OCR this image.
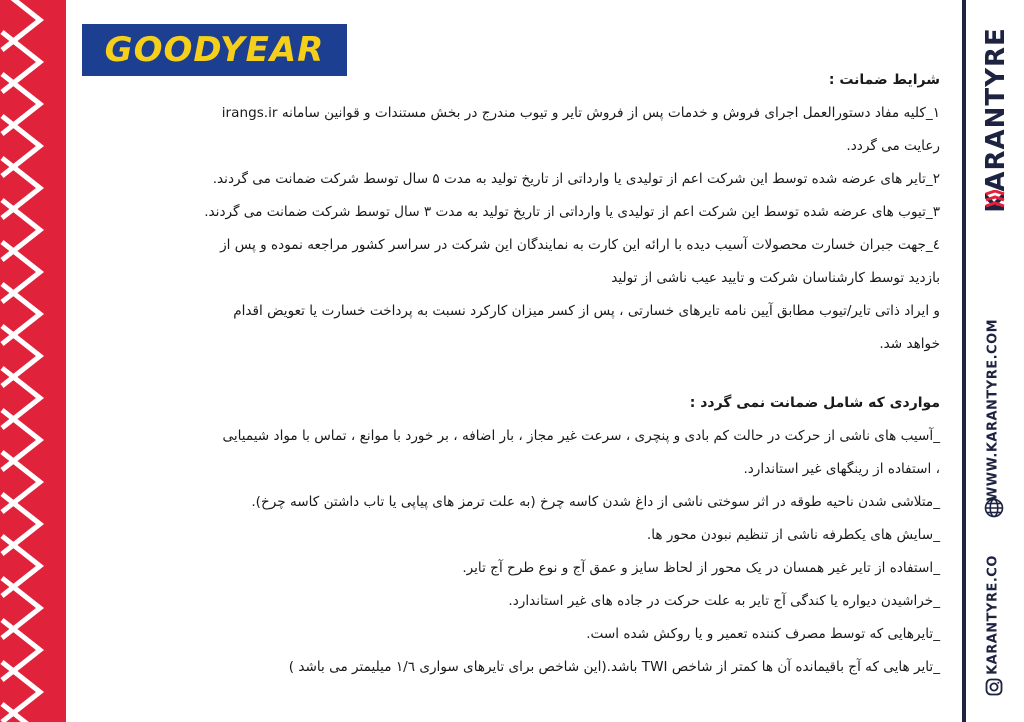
GOODYEAR	KARANTYRE
WWW.KARANTYRE.COM
KARANTYRE.CO

شرایط ضمانت :

۱_کلیه مفاد دستورالعمل اجرای فروش و خدمات پس از فروش تایر و تیوب مندرج در بخش مستندات و قوانین سامانه irangs.ir

رعایت می گردد.

۲_تایر های عرضه شده توسط این شرکت اعم از تولیدی یا وارداتی از تاریخ تولید به مدت ۵ سال توسط شرکت ضمانت می گردند.

۳_تیوب های عرضه شده توسط این شرکت اعم از تولیدی یا وارداتی از تاریخ تولید به مدت ۳ سال توسط شرکت ضمانت می گردند.

٤_جهت جبران خسارت محصولات آسیب دیده با ارائه این کارت به نمایندگان این شرکت در سراسر کشور مراجعه نموده و پس از

بازدید توسط کارشناسان شرکت و تایید عیب ناشی از تولید

و ایراد ذاتی تایر/تیوب مطابق آیین نامه تایرهای خسارتی ، پس از کسر میزان کارکرد نسبت به پرداخت خسارت یا تعویض اقدام

خواهد شد.

مواردی که شامل ضمانت نمی گردد :

_آسیب های ناشی از حرکت در حالت کم بادی و پنچری ، سرعت غیر مجاز ، بار اضافه ، بر خورد با موانع ، تماس با مواد شیمیایی

، استفاده از رینگهای غیر استاندارد.

_متلاشی شدن ناحیه طوقه در اثر سوختی ناشی از داغ شدن کاسه چرخ (به علت ترمز های پیاپی یا تاب داشتن کاسه چرخ).

_سایش های یکطرفه ناشی از تنظیم نبودن محور ها.

_استفاده از تایر غیر همسان در یک محور از لحاظ سایز و عمق آج و نوع طرح آج تایر.

_خراشیدن دیواره یا کندگی آج تایر به علت حرکت در جاده های غیر استاندارد.

_تایرهایی که توسط مصرف کننده تعمیر و یا روکش شده است.

_تایر هایی که آج باقیمانده آن ها کمتر از شاخص TWI باشد.(این شاخص برای تایرهای سواری ۱/٦ میلیمتر می باشد )
